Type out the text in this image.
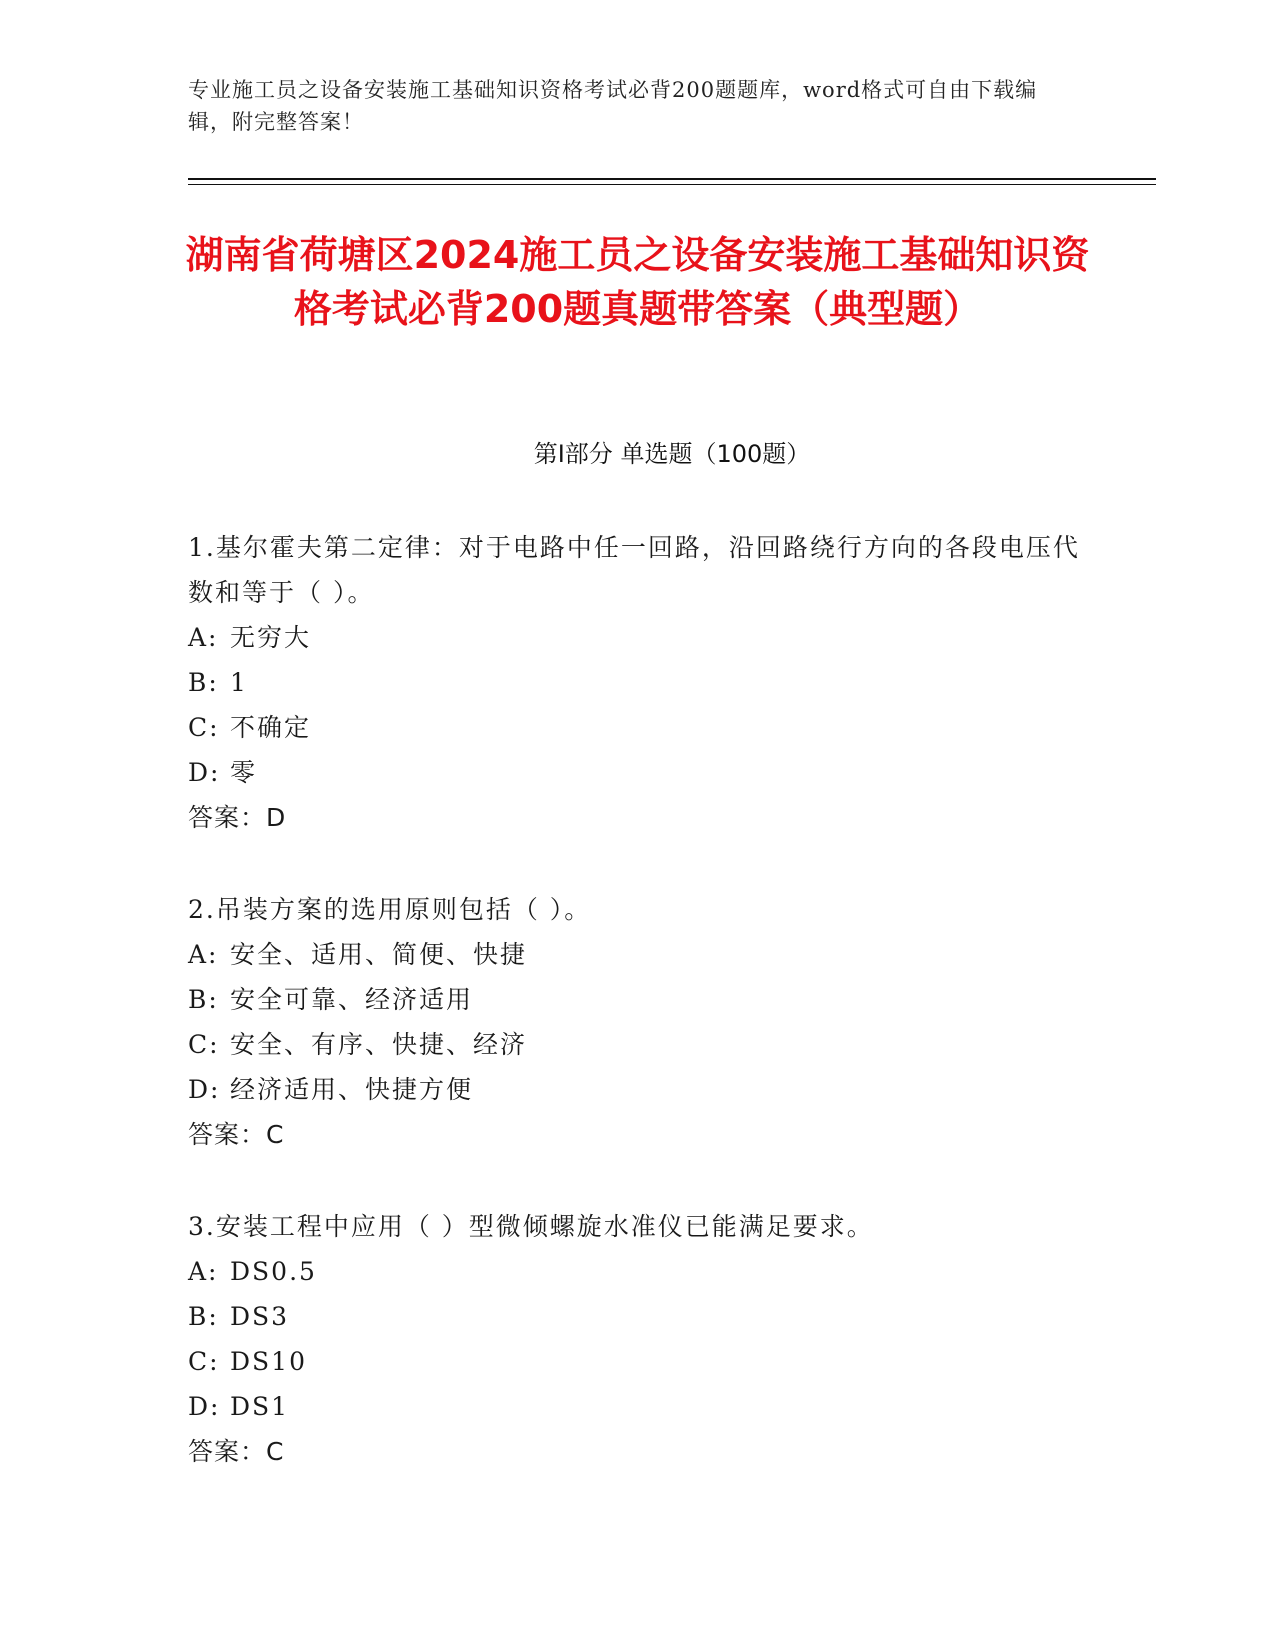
专业施工员之设备安装施工基础知识资格考试必背200题题库，word格式可自由下载编辑，附完整答案！
湖南省荷塘区2024施工员之设备安装施工基础知识资格考试必背200题真题带答案（典型题）
第I部分 单选题（100题）

1.基尔霍夫第二定律：对于电路中任一回路，沿回路绕行方向的各段电压代数和等于（ ）。

A: 无穷大
B: 1
C: 不确定
D: 零

答案：D

2.吊装方案的选用原则包括（ ）。

A: 安全、适用、简便、快捷
B: 安全可靠、经济适用
C: 安全、有序、快捷、经济
D: 经济适用、快捷方便

答案：C

3.安装工程中应用（ ）型微倾螺旋水准仪已能满足要求。

A: DS0.5
B: DS3
C: DS10
D: DS1

答案：C
